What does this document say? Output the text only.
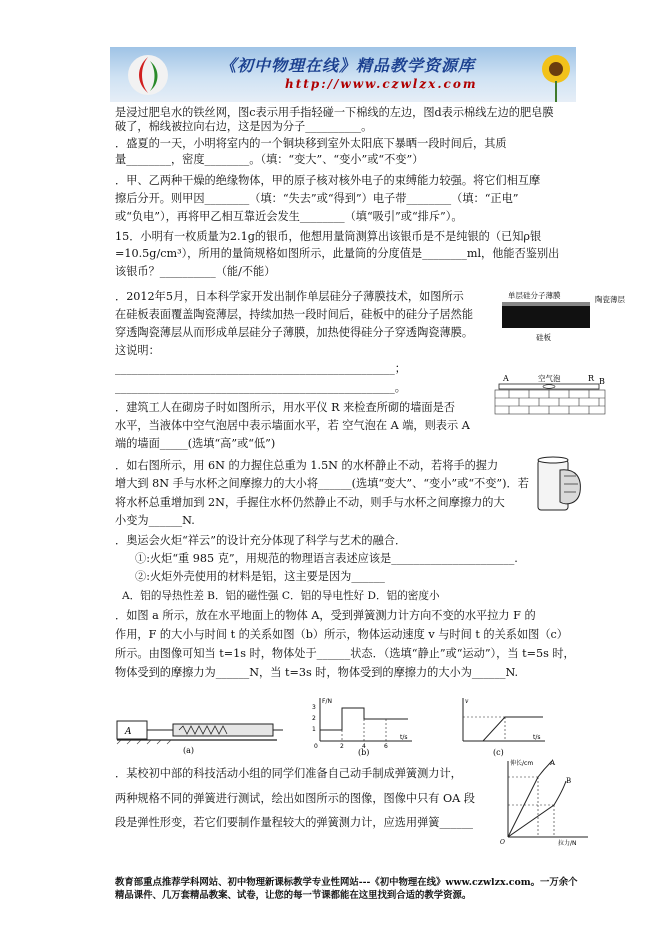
《初中物理在线》精品教学资源库
http://www.czwlzx.com
是浸过肥皂水的铁丝网，图c表示用手指轻碰一下棉线的左边，图d表示棉线左边的肥皂膜
破了，棉线被拉向右边，这是因为分子__________。
．盛夏的一天，小明将室内的一个铜块移到室外太阳底下暴晒一段时间后，其质
量________，密度________。（填：“变大”、“变小”或“不变”）
．甲、乙两种干燥的绝缘物体，甲的原子核对核外电子的束缚能力较强。将它们相互摩
擦后分开。则甲因________（填：“失去”或“得到”）电子带________（填：“正电”
或“负电”），再将甲乙相互靠近会发生________（填“吸引”或“排斥”）。
15．小明有一枚质量为2.1g的银币，他想用量筒测算出该银币是不是纯银的（已知ρ银
=10.5g/cm³），所用的量筒规格如图所示，此量筒的分度值是________ml，他能否鉴别出
该银币？__________（能/不能）
．2012年5月，日本科学家开发出制作单层硅分子薄膜技术，如图所示
在硅板表面覆盖陶瓷薄层，持续加热一段时间后，硅板中的硅分子居然能
穿透陶瓷薄层从而形成单层硅分子薄膜，加热使得硅分子穿透陶瓷薄膜。
这说明：
__________________________________________________；
__________________________________________________。
．建筑工人在砌房子时如图所示，用水平仪 R 来检查所砌的墙面是否
水平，当液体中空气泡居中表示墙面水平，若 空气泡在 A 端，则表示 A
端的墙面_____(选填“高”或“低”)
．如右图所示，用 6N 的力握住总重为 1.5N 的水杯静止不动，若将手的握力
增大到 8N 手与水杯之间摩擦力的大小将______(选填“变大”、“变小”或“不变”)．若
将水杯总重增加到 2N，手握住水杯仍然静止不动，则手与水杯之间摩擦力的大
小变为______N.
．奥运会火炬“祥云”的设计充分体现了科学与艺术的融合．
①:火炬“重 985 克”，用规范的物理语言表述应该是______________________.
②:火炬外壳使用的材料是铝，这主要是因为______
A．铝的导热性差 B．铝的磁性强 C．铝的导电性好 D．铝的密度小
．如图 a 所示，放在水平地面上的物体 A，受到弹簧测力计方向不变的水平拉力 F 的
作用，F 的大小与时间 t 的关系如图（b）所示，物体运动速度 v 与时间 t 的关系如图（c）
所示。由图像可知当 t=1s 时，物体处于______状态．（选填“静止”或“运动”），当 t=5s 时，
物体受到的摩擦力为______N，当 t=3s 时，物体受到的摩擦力的大小为______N.
．某校初中部的科技活动小组的同学们准备自己动手制成弹簧测力计，
两种规格不同的弹簧进行测试，绘出如图所示的图像，图像中只有 OA 段
段是弹性形变，若它们要制作量程较大的弹簧测力计，应选用弹簧______
单层硅分子薄膜	陶瓷薄层
硅板
A	空气泡	R B
A
(a)
F/N
t/s
3
2
1
0	2	4	6
(b)
v
t/s
(c)
伸长/cm
拉力/N
O
A
B
教育部重点推荐学科网站、初中物理新课标教学专业性网站---《初中物理在线》www.czwlzx.com。一万余个精品课件、几万套精品教案、试卷，让您的每一节课都能在这里找到合适的教学资源。
